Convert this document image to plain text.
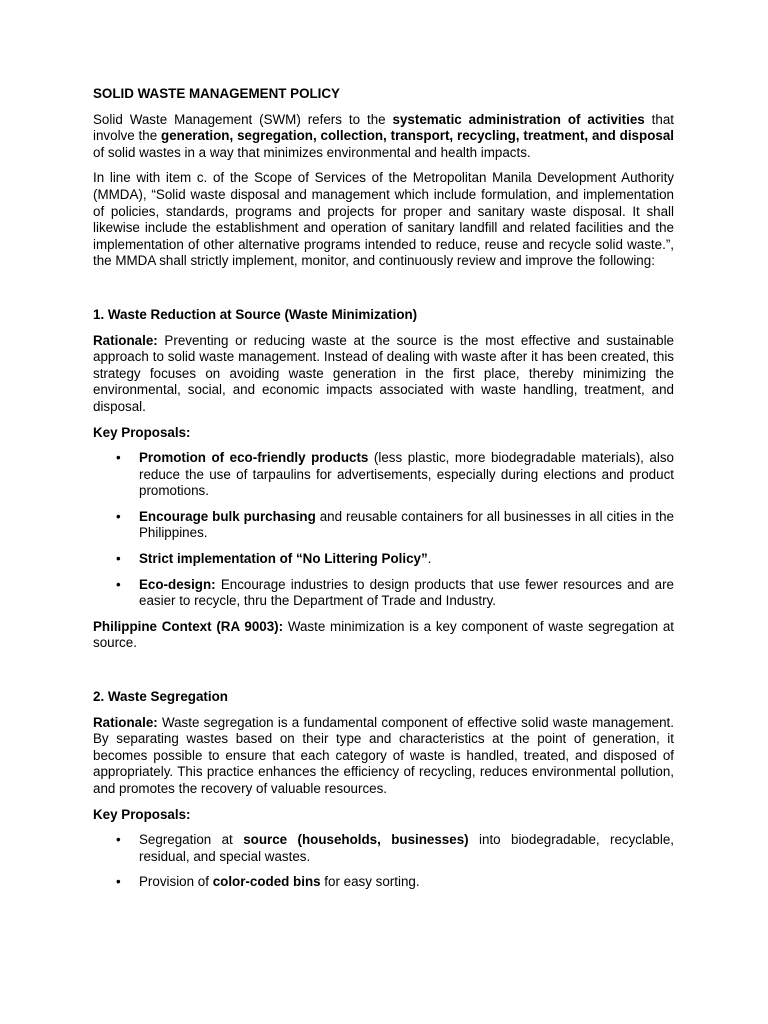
SOLID WASTE MANAGEMENT POLICY

Solid Waste Management (SWM) refers to the systematic administration of activities that involve the generation, segregation, collection, transport, recycling, treatment, and disposal of solid wastes in a way that minimizes environmental and health impacts.

In line with item c. of the Scope of Services of the Metropolitan Manila Development Authority (MMDA), “Solid waste disposal and management which include formulation, and implementation of policies, standards, programs and projects for proper and sanitary waste disposal. It shall likewise include the establishment and operation of sanitary landfill and related facilities and the implementation of other alternative programs intended to reduce, reuse and recycle solid waste.”, the MMDA shall strictly implement, monitor, and continuously review and improve the following:

1. Waste Reduction at Source (Waste Minimization)

Rationale: Preventing or reducing waste at the source is the most effective and sustainable approach to solid waste management. Instead of dealing with waste after it has been created, this strategy focuses on avoiding waste generation in the first place, thereby minimizing the environmental, social, and economic impacts associated with waste handling, treatment, and disposal.

Key Proposals:
• Promotion of eco-friendly products (less plastic, more biodegradable materials), also reduce the use of tarpaulins for advertisements, especially during elections and product promotions.
• Encourage bulk purchasing and reusable containers for all businesses in all cities in the Philippines.
• Strict implementation of “No Littering Policy”.
• Eco-design: Encourage industries to design products that use fewer resources and are easier to recycle, thru the Department of Trade and Industry.

Philippine Context (RA 9003): Waste minimization is a key component of waste segregation at source.

2. Waste Segregation

Rationale: Waste segregation is a fundamental component of effective solid waste management. By separating wastes based on their type and characteristics at the point of generation, it becomes possible to ensure that each category of waste is handled, treated, and disposed of appropriately. This practice enhances the efficiency of recycling, reduces environmental pollution, and promotes the recovery of valuable resources.

Key Proposals:
• Segregation at source (households, businesses) into biodegradable, recyclable, residual, and special wastes.
• Provision of color-coded bins for easy sorting.
